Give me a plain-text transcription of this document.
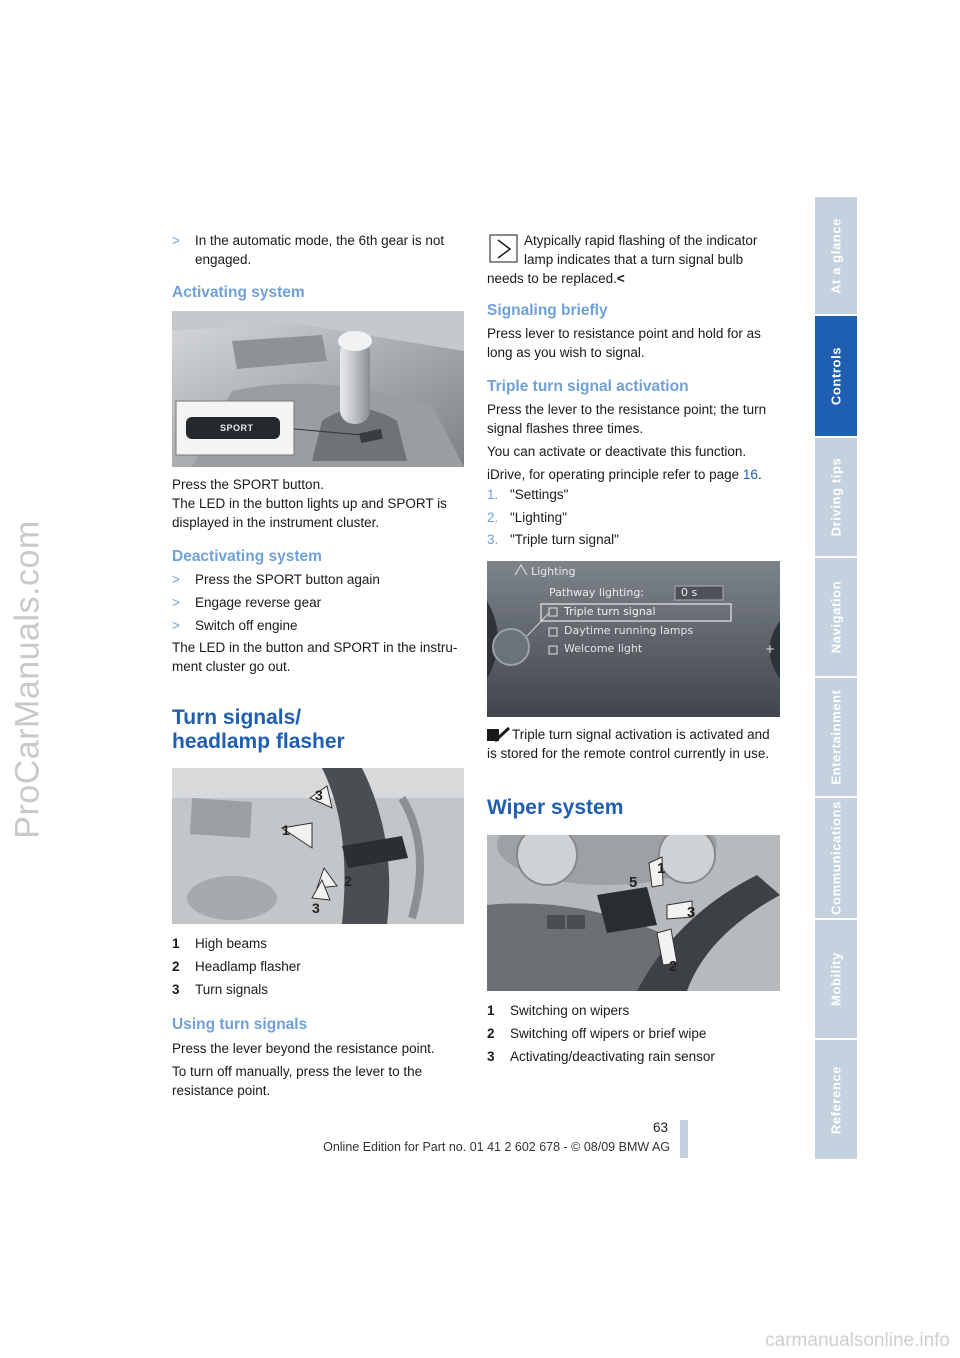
ProCarManuals.com
At a glance
Controls
Driving tips
Navigation
Entertainment
Communications
Mobility
Reference
>	In the automatic mode, the 6th gear is not engaged.
Activating system
SPORT
Press the SPORT button.
The LED in the button lights up and SPORT is displayed in the instrument cluster.
Deactivating system
> Press the SPORT button again
> Engage reverse gear
> Switch off engine
The LED in the button and SPORT in the instru-ment cluster go out.
Turn signals/
headlamp flasher
1
3
2
3
1 High beams
2 Headlamp flasher
3 Turn signals
Using turn signals
Press the lever beyond the resistance point.
To turn off manually, press the lever to the resistance point.
Atypically rapid flashing of the indicator
lamp indicates that a turn signal bulb
needs to be replaced.<
Signaling briefly
Press lever to resistance point and hold for as long as you wish to signal.
Triple turn signal activation
Press the lever to the resistance point; the turn signal flashes three times.
You can activate or deactivate this function.
iDrive, for operating principle refer to page 16.
1. "Settings"
2. "Lighting"
3. "Triple turn signal"
+
Lighting
Pathway lighting:	0 s
Triple turn signal
Daytime running lamps
Welcome light
Triple turn signal activation is activated and
is stored for the remote control currently in use.
Wiper system
5
1
3
2
1 Switching on wipers
2 Switching off wipers or brief wipe
3 Activating/deactivating rain sensor
63
Online Edition for Part no. 01 41 2 602 678 - © 08/09 BMW AG
carmanualsonline.info
